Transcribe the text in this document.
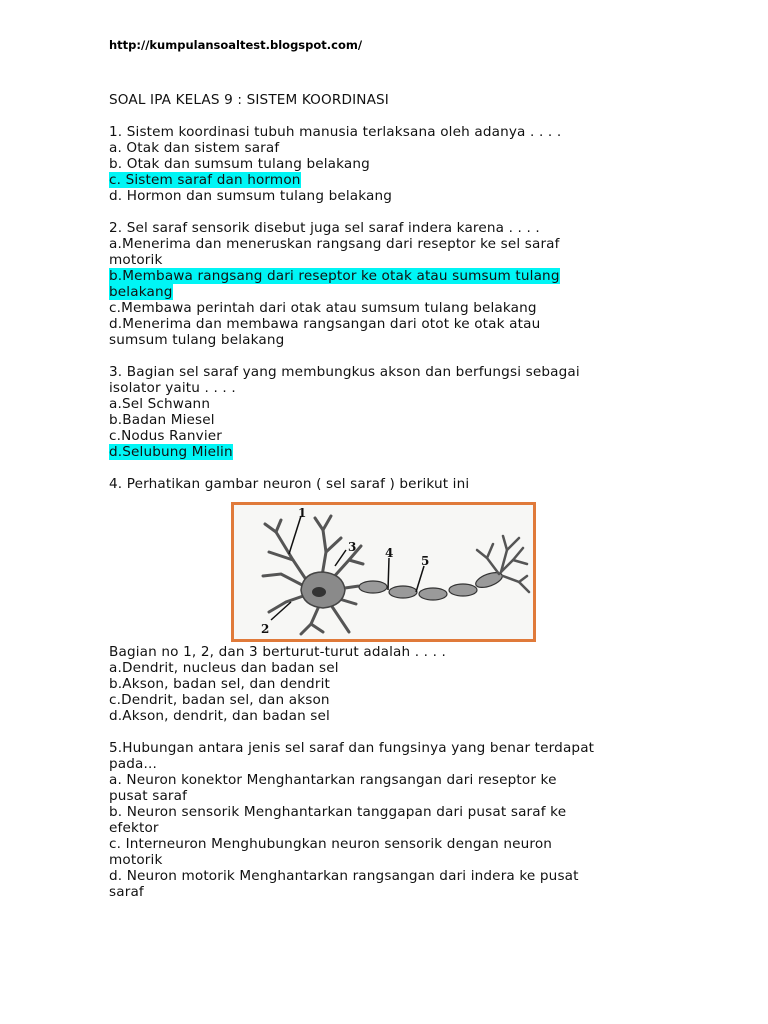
http://kumpulansoaltest.blogspot.com/
SOAL IPA KELAS 9 : SISTEM KOORDINASI
1. Sistem koordinasi tubuh manusia terlaksana oleh adanya . . . .
a. Otak dan sistem saraf
b. Otak dan sumsum tulang belakang
c. Sistem saraf dan hormon
d. Hormon dan sumsum tulang belakang
2. Sel saraf sensorik disebut juga sel saraf indera karena . . . .
a.Menerima dan meneruskan rangsang dari reseptor ke sel saraf
motorik
b.Membawa rangsang dari reseptor ke otak atau sumsum tulang
belakang
c.Membawa perintah dari otak atau sumsum tulang belakang
d.Menerima dan membawa rangsangan dari otot ke otak atau
sumsum tulang belakang
3. Bagian sel saraf yang membungkus akson dan berfungsi sebagai
isolator yaitu . . . .
a.Sel Schwann
b.Badan Miesel
c.Nodus Ranvier
d.Selubung Mielin
4. Perhatikan gambar neuron ( sel saraf ) berikut ini
1
2
3 4
5
Bagian no 1, 2, dan 3 berturut-turut adalah . . . .
a.Dendrit, nucleus dan badan sel
b.Akson, badan sel, dan dendrit
c.Dendrit, badan sel, dan akson
d.Akson, dendrit, dan badan sel
5.Hubungan antara jenis sel saraf dan fungsinya yang benar terdapat
pada...
a. Neuron konektor Menghantarkan rangsangan dari reseptor ke
pusat saraf
b. Neuron sensorik Menghantarkan tanggapan dari pusat saraf ke
efektor
c. Interneuron Menghubungkan neuron sensorik dengan neuron
motorik
d. Neuron motorik Menghantarkan rangsangan dari indera ke pusat
saraf
